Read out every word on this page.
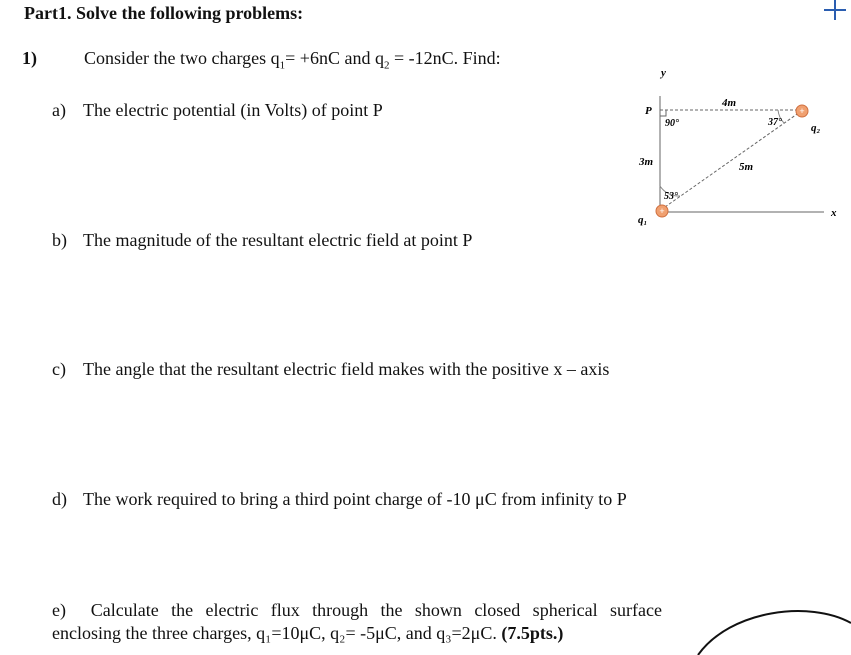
Part1. Solve the following problems:
1)	Consider the two charges $q_1= +6nC$ and $q_2 = -12nC$. Find:
a) The electric potential (in Volts) of point P
b) The magnitude of the resultant electric field at point P
c) The angle that the resultant electric field makes with the positive x – axis
d) The work required to bring a third point charge of -10 μC from infinity to P
e)  Calculate the electric flux through the shown closed spherical surface
enclosing the three charges, q₁=10μC, q₂= -5μC, and q₃=2μC. (7.5pts.)
+
+
y
P
90°
4m
37°	q₂
3m	5m
53°
q₁
x
